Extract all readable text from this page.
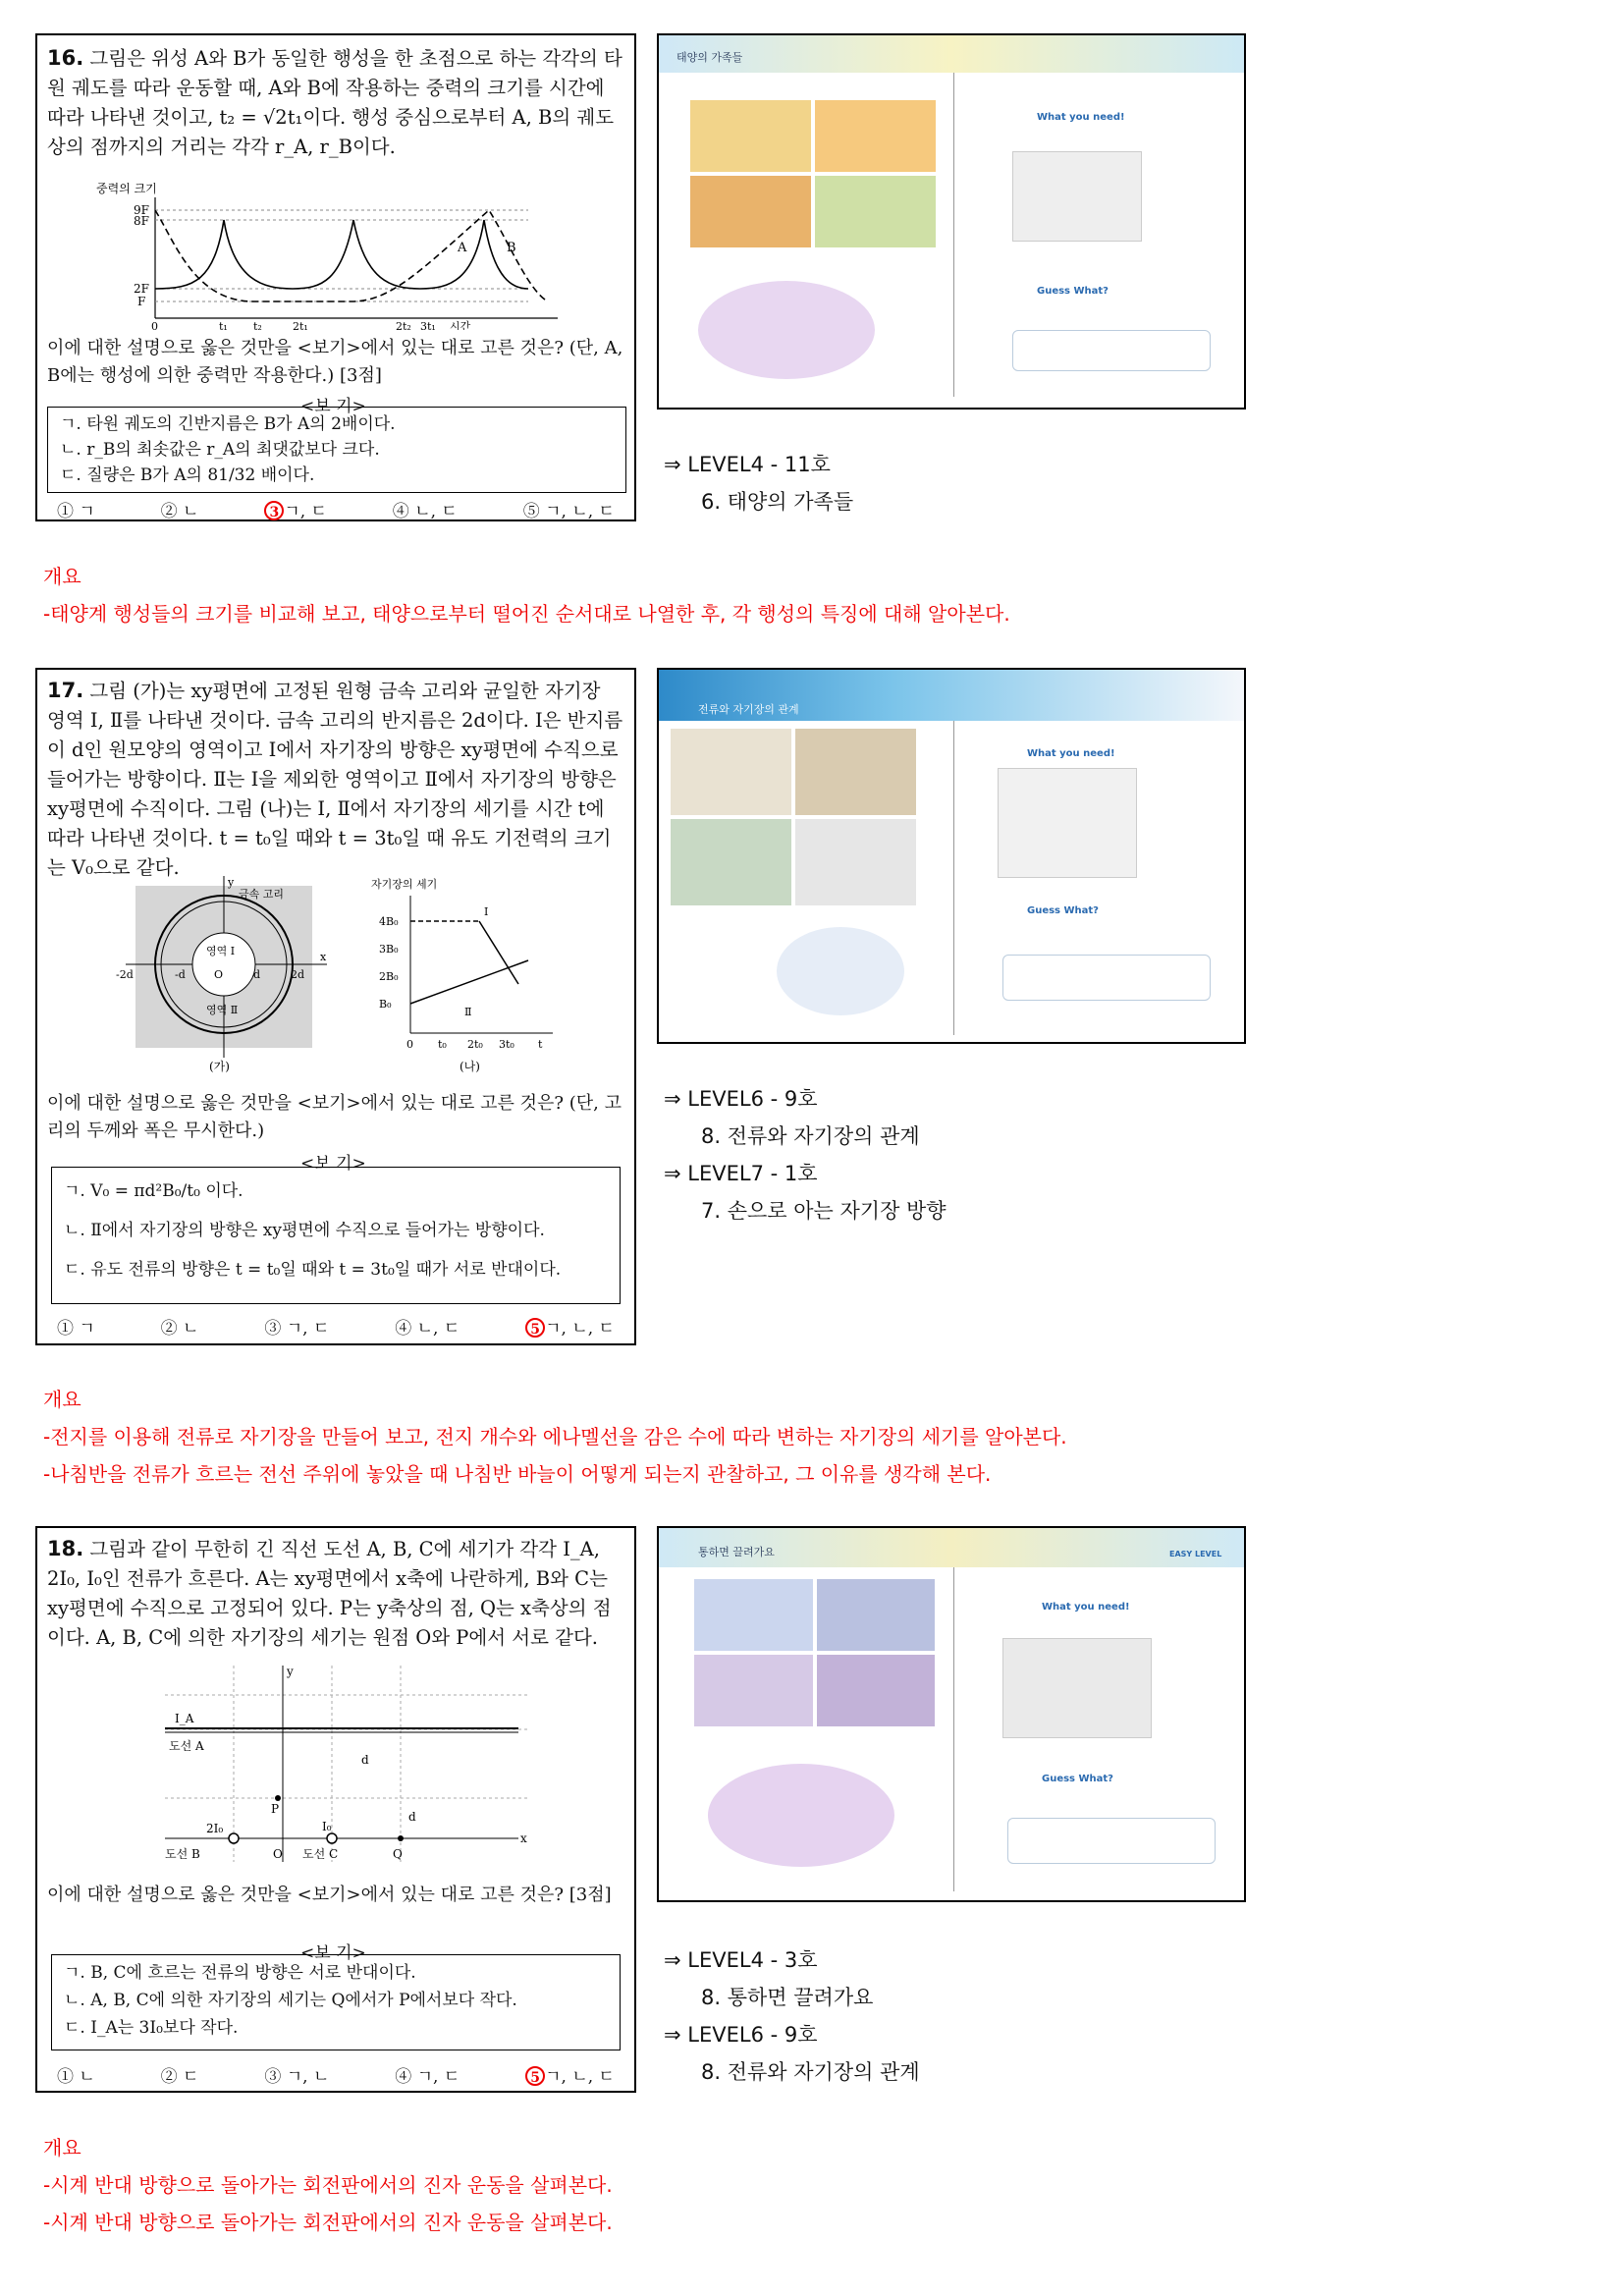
16. 그림은 위성 A와 B가 동일한 행성을 한 초점으로 하는 각각의 타원 궤도를 따라 운동할 때, A와 B에 작용하는 중력의 크기를 시간에 따라 나타낸 것이고, t₂ = √2t₁이다. 행성 중심으로부터 A, B의 궤도상의 점까지의 거리는 각각 r_A, r_B이다.
중력의 크기
9F
8F
2F
F
A	B
0	t₁ t₂	2t₁	2t₂ 3t₁ 시간
이에 대한 설명으로 옳은 것만을 <보기>에서 있는 대로 고른 것은? (단, A, B에는 행성에 의한 중력만 작용한다.) [3점]
<보 기>
ㄱ. 타원 궤도의 긴반지름은 B가 A의 2배이다.
ㄴ. r_B의 최솟값은 r_A의 최댓값보다 크다.
ㄷ. 질량은 B가 A의 81/32 배이다.
① ㄱ	② ㄴ	3 ㄱ, ㄷ	④ ㄴ, ㄷ	⑤ ㄱ, ㄴ, ㄷ
태양의 가족들
What you need!
Guess What?
⇒ LEVEL4 - 11호
6. 태양의 가족들
개요
-태양계 행성들의 크기를 비교해 보고, 태양으로부터 떨어진 순서대로 나열한 후, 각 행성의 특징에 대해 알아본다.
17. 그림 (가)는 xy평면에 고정된 원형 금속 고리와 균일한 자기장 영역 Ⅰ, Ⅱ를 나타낸 것이다. 금속 고리의 반지름은 2d이다. Ⅰ은 반지름이 d인 원모양의 영역이고 Ⅰ에서 자기장의 방향은 xy평면에 수직으로 들어가는 방향이다. Ⅱ는 Ⅰ을 제외한 영역이고 Ⅱ에서 자기장의 방향은 xy평면에 수직이다. 그림 (나)는 Ⅰ, Ⅱ에서 자기장의 세기를 시간 t에 따라 나타낸 것이다. t = t₀일 때와 t = 3t₀일 때 유도 기전력의 크기는 V₀으로 같다.
금속 고리
영역 Ⅰ
영역 Ⅱ
-2d	-d	d	2d
O
x
y
(가)
자기장의 세기
4B₀
3B₀
2B₀
B₀
Ⅰ
Ⅱ
0 t₀ 2t₀ 3t₀ t
(나)
이에 대한 설명으로 옳은 것만을 <보기>에서 있는 대로 고른 것은? (단, 고리의 두께와 폭은 무시한다.)
<보 기>
ㄱ. V₀ = πd²B₀/t₀ 이다.
ㄴ. Ⅱ에서 자기장의 방향은 xy평면에 수직으로 들어가는 방향이다.
ㄷ. 유도 전류의 방향은 t = t₀일 때와 t = 3t₀일 때가 서로 반대이다.
① ㄱ	② ㄴ	③ ㄱ, ㄷ	④ ㄴ, ㄷ	5 ㄱ, ㄴ, ㄷ
전류와 자기장의 관계
What you need!
Guess What?
⇒ LEVEL6 - 9호
8. 전류와 자기장의 관계
⇒ LEVEL7 - 1호
7. 손으로 아는 자기장 방향
개요
-전지를 이용해 전류로 자기장을 만들어 보고, 전지 개수와 에나멜선을 감은 수에 따라 변하는 자기장의 세기를 알아본다.
-나침반을 전류가 흐르는 전선 주위에 놓았을 때 나침반 바늘이 어떻게 되는지 관찰하고, 그 이유를 생각해 본다.
18. 그림과 같이 무한히 긴 직선 도선 A, B, C에 세기가 각각 I_A, 2I₀, I₀인 전류가 흐른다. A는 xy평면에서 x축에 나란하게, B와 C는 xy평면에 수직으로 고정되어 있다. P는 y축상의 점, Q는 x축상의 점이다. A, B, C에 의한 자기장의 세기는 원점 O와 P에서 서로 같다.
I_A
도선 A
P
d
d
2I₀
도선 B	O
I₀
도선 C	Q
x
y
이에 대한 설명으로 옳은 것만을 <보기>에서 있는 대로 고른 것은? [3점]
<보 기>
ㄱ. B, C에 흐르는 전류의 방향은 서로 반대이다.
ㄴ. A, B, C에 의한 자기장의 세기는 Q에서가 P에서보다 작다.
ㄷ. I_A는 3I₀보다 작다.
① ㄴ	② ㄷ	③ ㄱ, ㄴ	④ ㄱ, ㄷ	5 ㄱ, ㄴ, ㄷ
통하면 끌려가요	EASY LEVEL
What you need!
Guess What?
⇒ LEVEL4 - 3호
8. 통하면 끌려가요
⇒ LEVEL6 - 9호
8. 전류와 자기장의 관계
개요
-시계 반대 방향으로 돌아가는 회전판에서의 진자 운동을 살펴본다.
-시계 반대 방향으로 돌아가는 회전판에서의 진자 운동을 살펴본다.
